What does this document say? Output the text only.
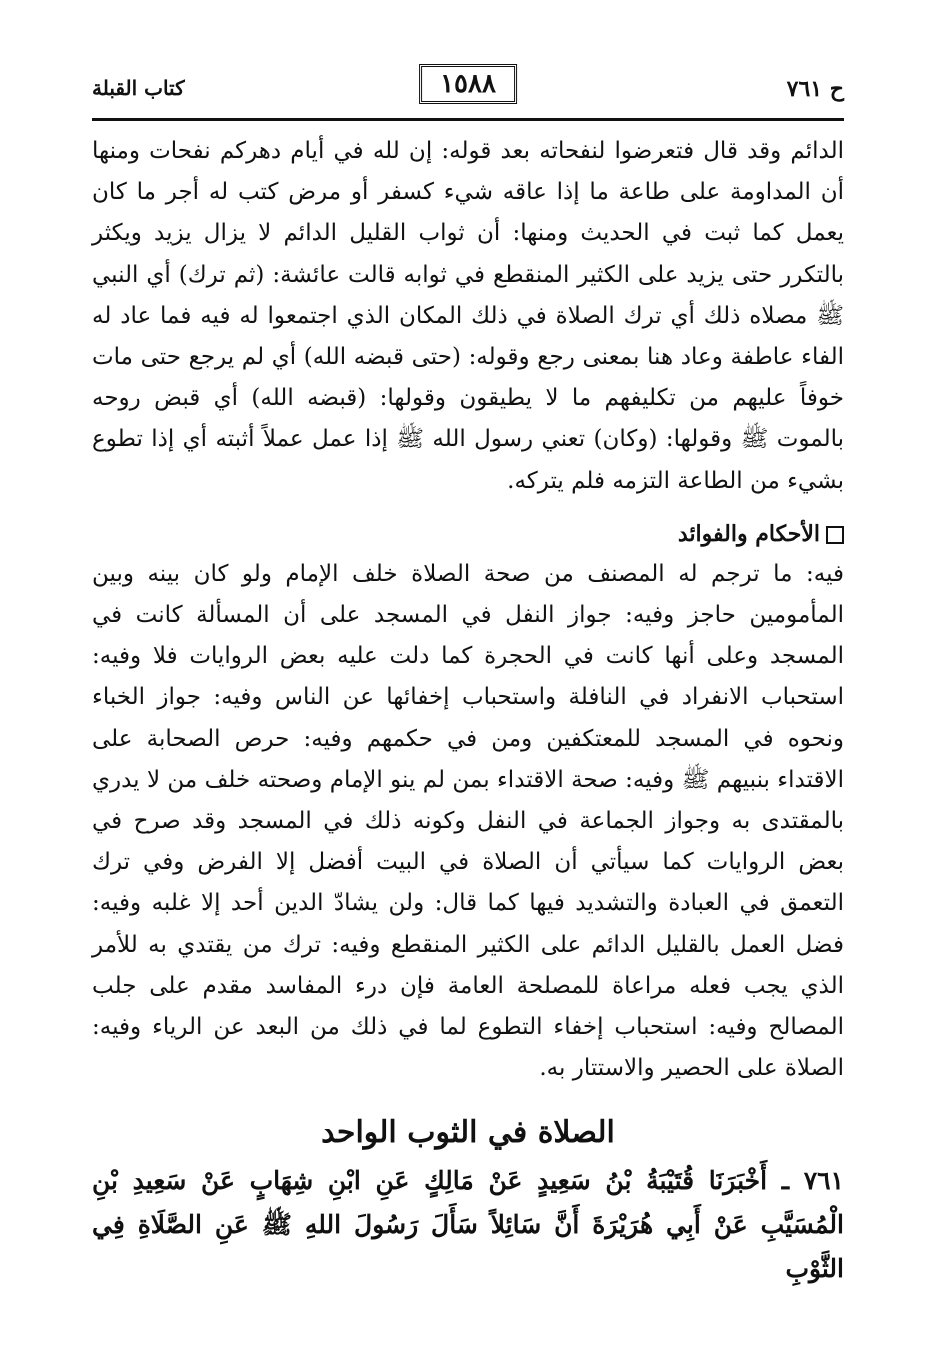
ح ٧٦١
١٥٨٨
كتاب القبلة

الدائم وقد قال فتعرضوا لنفحاته بعد قوله: إن لله في أيام دهركم نفحات ومنها أن المداومة على طاعة ما إذا عاقه شيء كسفر أو مرض كتب له أجر ما كان يعمل كما ثبت في الحديث ومنها: أن ثواب القليل الدائم لا يزال يزيد ويكثر بالتكرر حتى يزيد على الكثير المنقطع في ثوابه قالت عائشة: (ثم ترك) أي النبي ﷺ مصلاه ذلك أي ترك الصلاة في ذلك المكان الذي اجتمعوا له فيه فما عاد له الفاء عاطفة وعاد هنا بمعنى رجع وقوله: (حتى قبضه الله) أي لم يرجع حتى مات خوفاً عليهم من تكليفهم ما لا يطيقون وقولها: (قبضه الله) أي قبض روحه بالموت ﷺ وقولها: (وكان) تعني رسول الله ﷺ إذا عمل عملاً أثبته أي إذا تطوع بشيء من الطاعة التزمه فلم يتركه.

الأحكام والفوائد

فيه: ما ترجم له المصنف من صحة الصلاة خلف الإمام ولو كان بينه وبين المأمومين حاجز وفيه: جواز النفل في المسجد على أن المسألة كانت في المسجد وعلى أنها كانت في الحجرة كما دلت عليه بعض الروايات فلا وفيه: استحباب الانفراد في النافلة واستحباب إخفائها عن الناس وفيه: جواز الخباء ونحوه في المسجد للمعتكفين ومن في حكمهم وفيه: حرص الصحابة على الاقتداء بنبيهم ﷺ وفيه: صحة الاقتداء بمن لم ينو الإمام وصحته خلف من لا يدري بالمقتدى به وجواز الجماعة في النفل وكونه ذلك في المسجد وقد صرح في بعض الروايات كما سيأتي أن الصلاة في البيت أفضل إلا الفرض وفي ترك التعمق في العبادة والتشديد فيها كما قال: ولن يشادّ الدين أحد إلا غلبه وفيه: فضل العمل بالقليل الدائم على الكثير المنقطع وفيه: ترك من يقتدي به للأمر الذي يجب فعله مراعاة للمصلحة العامة فإن درء المفاسد مقدم على جلب المصالح وفيه: استحباب إخفاء التطوع لما في ذلك من البعد عن الرياء وفيه: الصلاة على الحصير والاستتار به.

الصلاة في الثوب الواحد
٧٦١ ـ أَخْبَرَنَا قُتَيْبَةُ بْنُ سَعِيدٍ عَنْ مَالِكٍ عَنِ ابْنِ شِهَابٍ عَنْ سَعِيدِ بْنِ الْمُسَيَّبِ عَنْ أَبِي هُرَيْرَةَ أَنَّ سَائِلاً سَأَلَ رَسُولَ اللهِ ﷺ عَنِ الصَّلَاةِ فِي الثَّوْبِ
